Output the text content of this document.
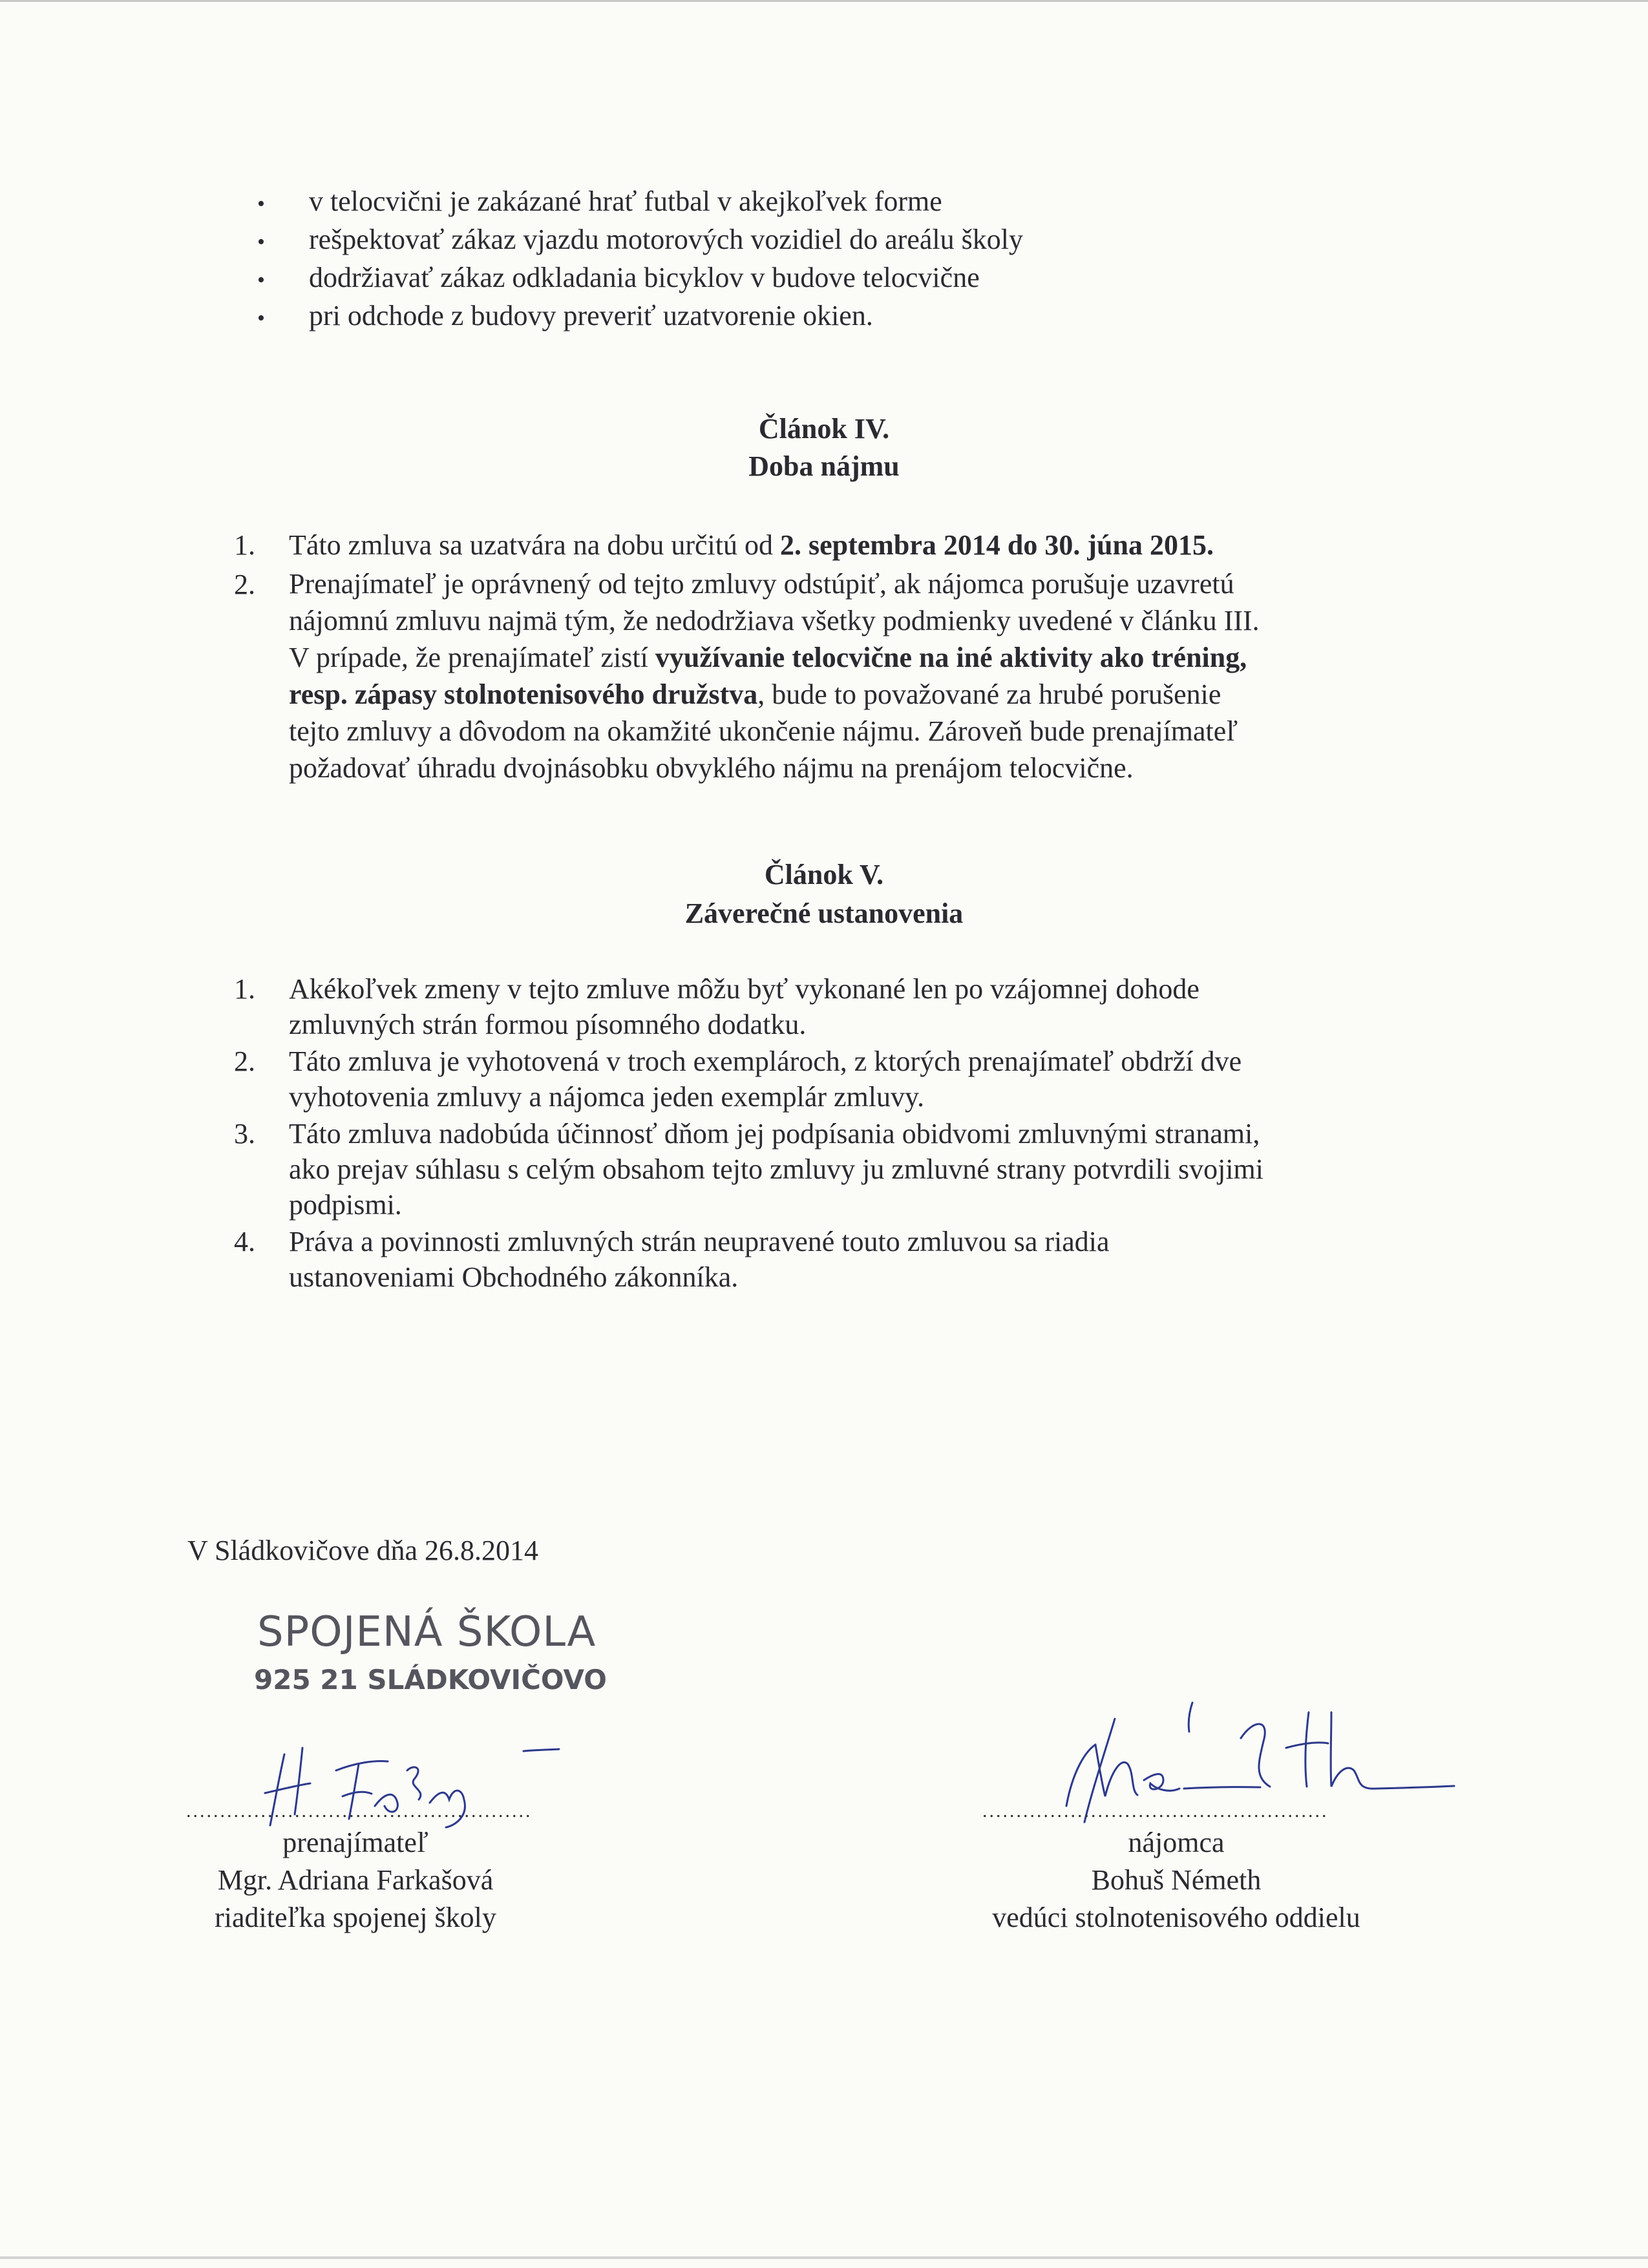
•	v telocvični je zakázané hrať futbal v akejkoľvek forme
•	rešpektovať zákaz vjazdu motorových vozidiel do areálu školy
•	dodržiavať zákaz odkladania bicyklov v budove telocvične
•	pri odchode z budovy preveriť uzatvorenie okien.
Článok IV.
Doba nájmu
1.	Táto zmluva sa uzatvára na dobu určitú od 2. septembra 2014 do 30. júna 2015.
2.	Prenajímateľ je oprávnený od tejto zmluvy odstúpiť, ak nájomca porušuje uzavretú
nájomnú zmluvu najmä tým, že nedodržiava všetky podmienky uvedené v článku III.
V prípade, že prenajímateľ zistí využívanie telocvične na iné aktivity ako tréning,
resp. zápasy stolnotenisového družstva, bude to považované za hrubé porušenie
tejto zmluvy a dôvodom na okamžité ukončenie nájmu. Zároveň bude prenajímateľ
požadovať úhradu dvojnásobku obvyklého nájmu na prenájom telocvične.
Článok V.
Záverečné ustanovenia
1.	Akékoľvek zmeny v tejto zmluve môžu byť vykonané len po vzájomnej dohode
zmluvných strán formou písomného dodatku.
2.	Táto zmluva je vyhotovená v troch exemplároch, z ktorých prenajímateľ obdrží dve
vyhotovenia zmluvy a nájomca jeden exemplár zmluvy.
3.	Táto zmluva nadobúda účinnosť dňom jej podpísania obidvomi zmluvnými stranami,
ako prejav súhlasu s celým obsahom tejto zmluvy ju zmluvné strany potvrdili svojimi
podpismi.
4.	Práva a povinnosti zmluvných strán neupravené touto zmluvou sa riadia
ustanoveniami Obchodného zákonníka.
V Sládkovičove dňa 26.8.2014
SPOJENÁ ŠKOLA
925 21 SLÁDKOVIČOVO
...................................................
prenajímateľ
Mgr. Adriana Farkašová
riaditeľka spojenej školy
...................................................
nájomca
Bohuš Németh
vedúci stolnotenisového oddielu
